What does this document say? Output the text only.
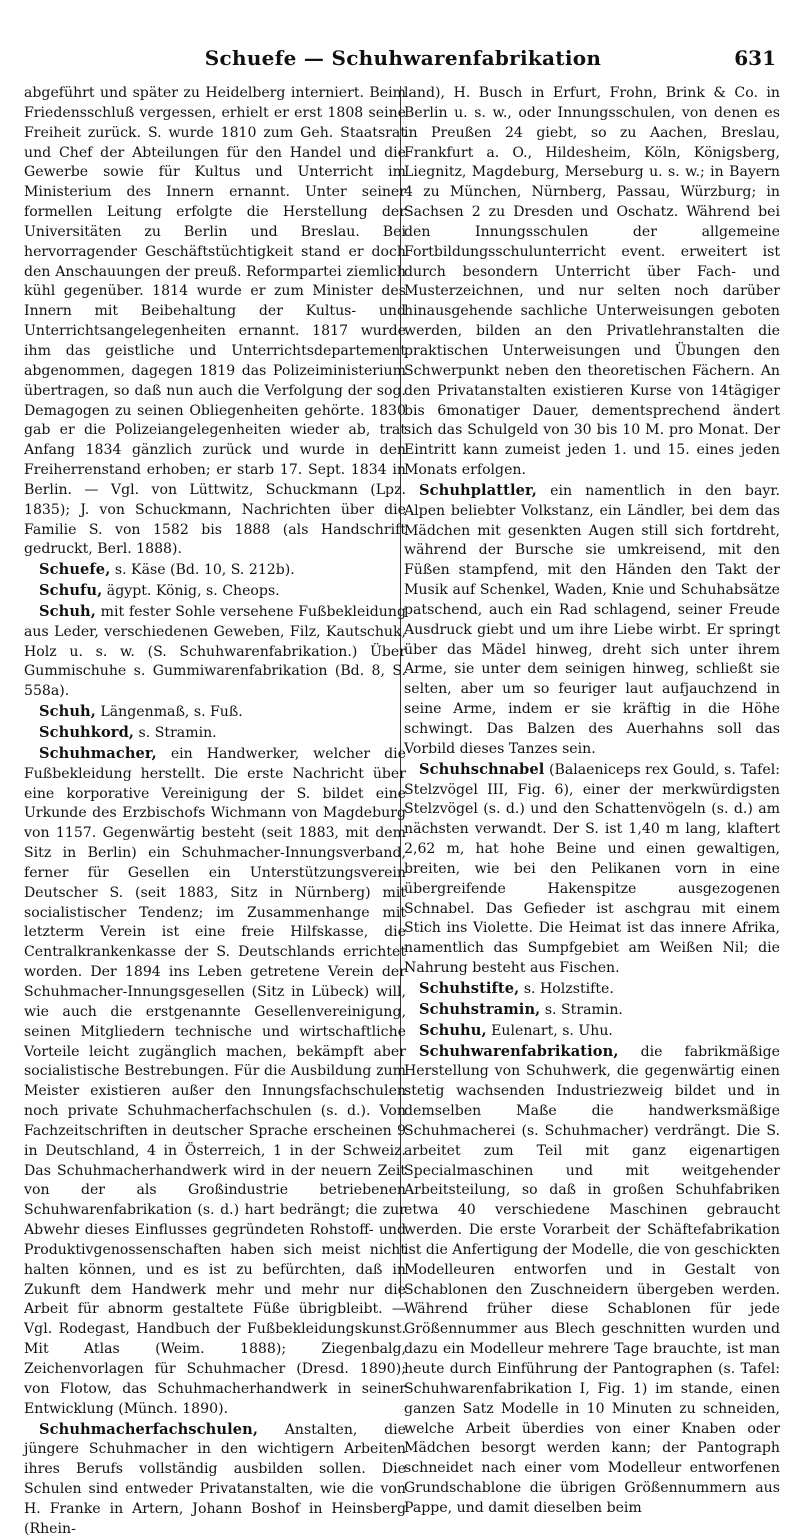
Schuefe — Schuhwarenfabrikation	631

abgeführt und später zu Heidelberg interniert. Beim Friedensschluß vergessen, erhielt er erst 1808 seine Freiheit zurück. S. wurde 1810 zum Geh. Staatsrat und Chef der Abteilungen für den Handel und die Gewerbe sowie für Kultus und Unterricht im Ministerium des Innern ernannt. Unter seiner formellen Leitung erfolgte die Herstellung der Universitäten zu Berlin und Breslau. Bei hervorragender Geschäftstüchtigkeit stand er doch den Anschauungen der preuß. Reformpartei ziemlich kühl gegenüber. 1814 wurde er zum Minister des Innern mit Beibehaltung der Kultus- und Unterrichtsangelegenheiten ernannt. 1817 wurde ihm das geistliche und Unterrichtsdepartement abgenommen, dagegen 1819 das Polizeiministerium übertragen, so daß nun auch die Verfolgung der sog. Demagogen zu seinen Obliegenheiten gehörte. 1830 gab er die Polizeiangelegenheiten wieder ab, trat Anfang 1834 gänzlich zurück und wurde in den Freiherrenstand erhoben; er starb 17. Sept. 1834 in Berlin. — Vgl. von Lüttwitz, Schuckmann (Lpz. 1835); J. von Schuckmann, Nachrichten über die Familie S. von 1582 bis 1888 (als Handschrift gedruckt, Berl. 1888).

Schuefe, s. Käse (Bd. 10, S. 212b).

Schufu, ägypt. König, s. Cheops.

Schuh, mit fester Sohle versehene Fußbekleidung aus Leder, verschiedenen Geweben, Filz, Kautschuk, Holz u. s. w. (S. Schuhwarenfabrikation.) Über Gummischuhe s. Gummiwarenfabrikation (Bd. 8, S. 558a).

Schuh, Längenmaß, s. Fuß.

Schuhkord, s. Stramin.

Schuhmacher, ein Handwerker, welcher die Fußbekleidung herstellt. Die erste Nachricht über eine korporative Vereinigung der S. bildet eine Urkunde des Erzbischofs Wichmann von Magdeburg von 1157. Gegenwärtig besteht (seit 1883, mit dem Sitz in Berlin) ein Schuhmacher-Innungsverband, ferner für Gesellen ein Unterstützungsverein Deutscher S. (seit 1883, Sitz in Nürnberg) mit socialistischer Tendenz; im Zusammenhange mit letzterm Verein ist eine freie Hilfskasse, die Centralkrankenkasse der S. Deutschlands errichtet worden. Der 1894 ins Leben getretene Verein der Schuhmacher-Innungsgesellen (Sitz in Lübeck) will, wie auch die erstgenannte Gesellenvereinigung, seinen Mitgliedern technische und wirtschaftliche Vorteile leicht zugänglich machen, bekämpft aber socialistische Bestrebungen. Für die Ausbildung zum Meister existieren außer den Innungsfachschulen noch private Schuhmacherfachschulen (s. d.). Von Fachzeitschriften in deutscher Sprache erscheinen 9 in Deutschland, 4 in Österreich, 1 in der Schweiz. Das Schuhmacherhandwerk wird in der neuern Zeit von der als Großindustrie betriebenen Schuhwarenfabrikation (s. d.) hart bedrängt; die zur Abwehr dieses Einflusses gegründeten Rohstoff- und Produktivgenossenschaften haben sich meist nicht halten können, und es ist zu befürchten, daß in Zukunft dem Handwerk mehr und mehr nur die Arbeit für abnorm gestaltete Füße übrigbleibt. — Vgl. Rodegast, Handbuch der Fußbekleidungskunst. Mit Atlas (Weim. 1888); Ziegenbalg, Zeichenvorlagen für Schuhmacher (Dresd. 1890); von Flotow, das Schuhmacherhandwerk in seiner Entwicklung (Münch. 1890).

Schuhmacherfachschulen, Anstalten, die jüngere Schuhmacher in den wichtigern Arbeiten ihres Berufs vollständig ausbilden sollen. Die Schulen sind entweder Privatanstalten, wie die von H. Franke in Artern, Johann Boshof in Heinsberg (Rhein-

land), H. Busch in Erfurt, Frohn, Brink & Co. in Berlin u. s. w., oder Innungsschulen, von denen es in Preußen 24 giebt, so zu Aachen, Breslau, Frankfurt a. O., Hildesheim, Köln, Königsberg, Liegnitz, Magdeburg, Merseburg u. s. w.; in Bayern 4 zu München, Nürnberg, Passau, Würzburg; in Sachsen 2 zu Dresden und Oschatz. Während bei den Innungsschulen der allgemeine Fortbildungsschulunterricht event. erweitert ist durch besondern Unterricht über Fach- und Musterzeichnen, und nur selten noch darüber hinausgehende sachliche Unterweisungen geboten werden, bilden an den Privatlehranstalten die praktischen Unterweisungen und Übungen den Schwerpunkt neben den theoretischen Fächern. An den Privatanstalten existieren Kurse von 14tägiger bis 6monatiger Dauer, dementsprechend ändert sich das Schulgeld von 30 bis 10 M. pro Monat. Der Eintritt kann zumeist jeden 1. und 15. eines jeden Monats erfolgen.

Schuhplattler, ein namentlich in den bayr. Alpen beliebter Volkstanz, ein Ländler, bei dem das Mädchen mit gesenkten Augen still sich fortdreht, während der Bursche sie umkreisend, mit den Füßen stampfend, mit den Händen den Takt der Musik auf Schenkel, Waden, Knie und Schuhabsätze patschend, auch ein Rad schlagend, seiner Freude Ausdruck giebt und um ihre Liebe wirbt. Er springt über das Mädel hinweg, dreht sich unter ihrem Arme, sie unter dem seinigen hinweg, schließt sie selten, aber um so feuriger laut aufjauchzend in seine Arme, indem er sie kräftig in die Höhe schwingt. Das Balzen des Auerhahns soll das Vorbild dieses Tanzes sein.

Schuhschnabel (Balaeniceps rex Gould, s. Tafel: Stelzvögel III, Fig. 6), einer der merkwürdigsten Stelzvögel (s. d.) und den Schattenvögeln (s. d.) am nächsten verwandt. Der S. ist 1,40 m lang, klaftert 2,62 m, hat hohe Beine und einen gewaltigen, breiten, wie bei den Pelikanen vorn in eine übergreifende Hakenspitze ausgezogenen Schnabel. Das Gefieder ist aschgrau mit einem Stich ins Violette. Die Heimat ist das innere Afrika, namentlich das Sumpfgebiet am Weißen Nil; die Nahrung besteht aus Fischen.

Schuhstifte, s. Holzstifte.

Schuhstramin, s. Stramin.

Schuhu, Eulenart, s. Uhu.

Schuhwarenfabrikation, die fabrikmäßige Herstellung von Schuhwerk, die gegenwärtig einen stetig wachsenden Industriezweig bildet und in demselben Maße die handwerksmäßige Schuhmacherei (s. Schuhmacher) verdrängt. Die S. arbeitet zum Teil mit ganz eigenartigen Specialmaschinen und mit weitgehender Arbeitsteilung, so daß in großen Schuhfabriken etwa 40 verschiedene Maschinen gebraucht werden. Die erste Vorarbeit der Schäftefabrikation ist die Anfertigung der Modelle, die von geschickten Modelleuren entworfen und in Gestalt von Schablonen den Zuschneidern übergeben werden. Während früher diese Schablonen für jede Größennummer aus Blech geschnitten wurden und dazu ein Modelleur mehrere Tage brauchte, ist man heute durch Einführung der Pantographen (s. Tafel: Schuhwarenfabrikation I, Fig. 1) im stande, einen ganzen Satz Modelle in 10 Minuten zu schneiden, welche Arbeit überdies von einer Knaben oder Mädchen besorgt werden kann; der Pantograph schneidet nach einer vom Modelleur entworfenen Grundschablone die übrigen Größennummern aus Pappe, und damit dieselben beim
